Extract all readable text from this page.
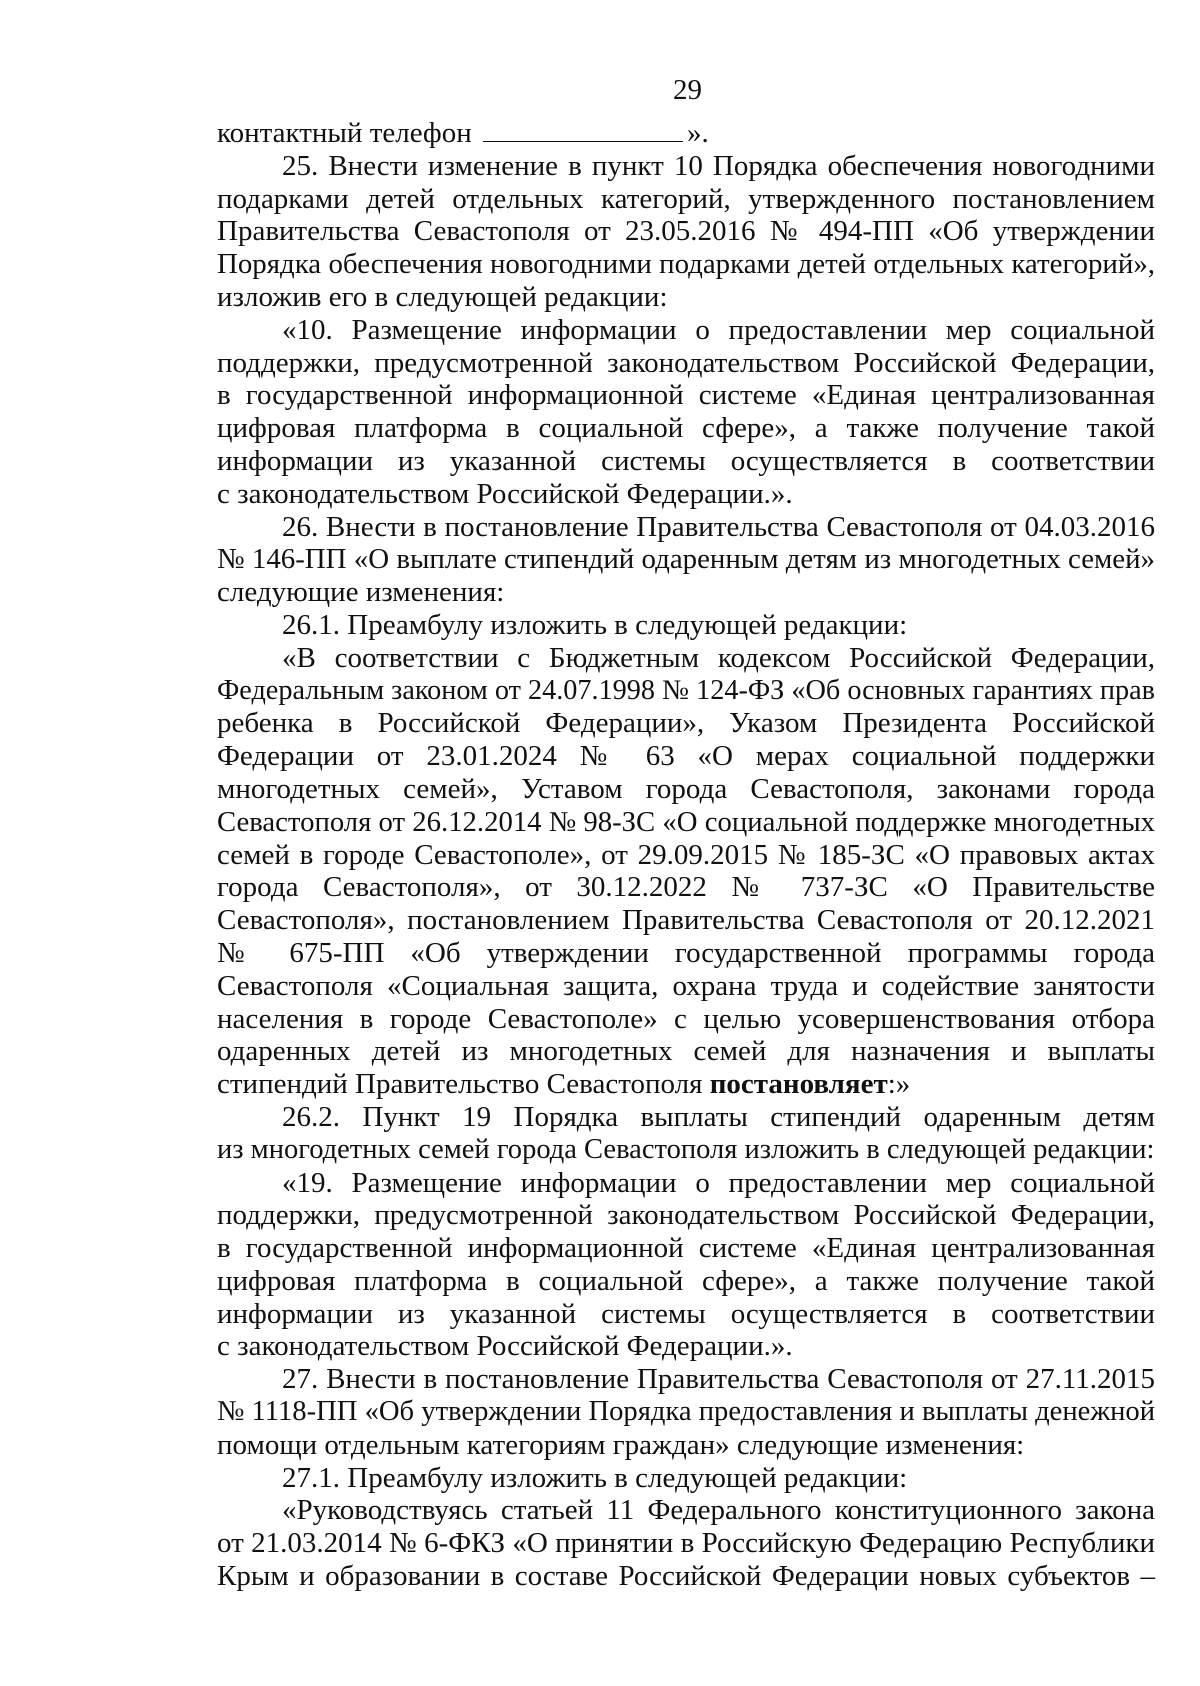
29
контактный телефон	».
25. Внести изменение в пункт 10 Порядка обеспечения новогодними
подарками детей отдельных категорий, утвержденного постановлением
Правительства Севастополя от 23.05.2016 № 494-ПП «Об утверждении
Порядка обеспечения новогодними подарками детей отдельных категорий»,
изложив его в следующей редакции:
«10. Размещение информации о предоставлении мер социальной
поддержки, предусмотренной законодательством Российской Федерации,
в государственной информационной системе «Единая централизованная
цифровая платформа в социальной сфере», а также получение такой
информации из указанной системы осуществляется в соответствии
с законодательством Российской Федерации.».
26. Внести в постановление Правительства Севастополя от 04.03.2016
№ 146-ПП «О выплате стипендий одаренным детям из многодетных семей»
следующие изменения:
26.1. Преамбулу изложить в следующей редакции:
«В соответствии с Бюджетным кодексом Российской Федерации,
Федеральным законом от 24.07.1998 № 124-ФЗ «Об основных гарантиях прав
ребенка в Российской Федерации», Указом Президента Российской
Федерации от 23.01.2024 № 63 «О мерах социальной поддержки
многодетных семей», Уставом города Севастополя, законами города
Севастополя от 26.12.2014 № 98-ЗС «О социальной поддержке многодетных
семей в городе Севастополе», от 29.09.2015 № 185-ЗС «О правовых актах
города Севастополя», от 30.12.2022 № 737-ЗС «О Правительстве
Севастополя», постановлением Правительства Севастополя от 20.12.2021
№ 675-ПП «Об утверждении государственной программы города
Севастополя «Социальная защита, охрана труда и содействие занятости
населения в городе Севастополе» с целью усовершенствования отбора
одаренных детей из многодетных семей для назначения и выплаты
стипендий Правительство Севастополя постановляет:»
26.2. Пункт 19 Порядка выплаты стипендий одаренным детям
из многодетных семей города Севастополя изложить в следующей редакции:
«19. Размещение информации о предоставлении мер социальной
поддержки, предусмотренной законодательством Российской Федерации,
в государственной информационной системе «Единая централизованная
цифровая платформа в социальной сфере», а также получение такой
информации из указанной системы осуществляется в соответствии
с законодательством Российской Федерации.».
27. Внести в постановление Правительства Севастополя от 27.11.2015
№ 1118-ПП «Об утверждении Порядка предоставления и выплаты денежной
помощи отдельным категориям граждан» следующие изменения:
27.1. Преамбулу изложить в следующей редакции:
«Руководствуясь статьей 11 Федерального конституционного закона
от 21.03.2014 № 6-ФКЗ «О принятии в Российскую Федерацию Республики
Крым и образовании в составе Российской Федерации новых субъектов –
